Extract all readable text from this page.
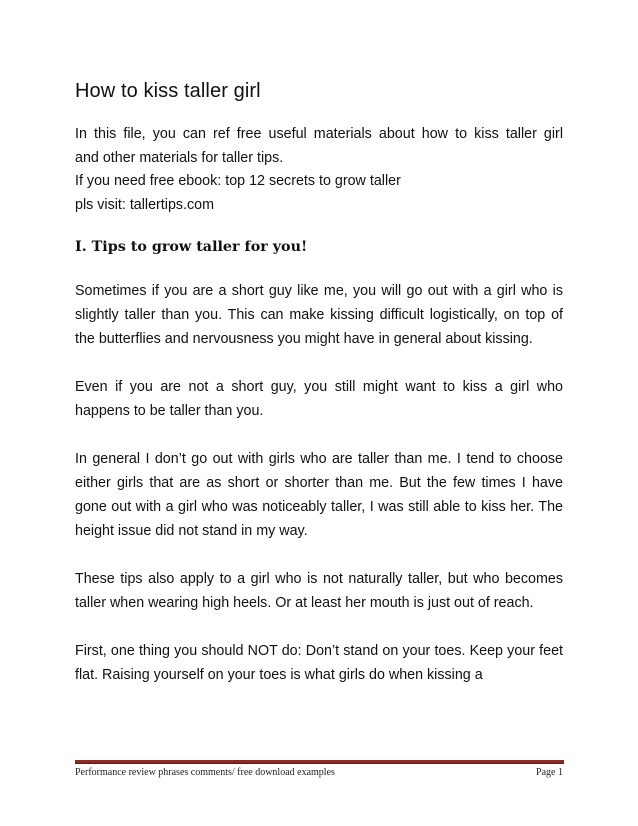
How to kiss taller girl

In this file, you can ref free useful materials about how to kiss taller girl
and other materials for taller tips.
If you need free ebook: top 12 secrets to grow taller
pls visit: tallertips.com

I. Tips to grow taller for you!

Sometimes if you are a short guy like me, you will go out with a girl who is slightly taller than you. This can make kissing difficult logistically, on top of the butterflies and nervousness you might have in general about kissing.

Even if you are not a short guy, you still might want to kiss a girl who happens to be taller than you.

In general I don’t go out with girls who are taller than me. I tend to choose either girls that are as short or shorter than me. But the few times I have gone out with a girl who was noticeably taller, I was still able to kiss her. The height issue did not stand in my way.

These tips also apply to a girl who is not naturally taller, but who becomes taller when wearing high heels. Or at least her mouth is just out of reach.

First, one thing you should NOT do: Don’t stand on your toes. Keep your feet flat. Raising yourself on your toes is what girls do when kissing a

Performance review phrases comments/ free download examples	Page 1
